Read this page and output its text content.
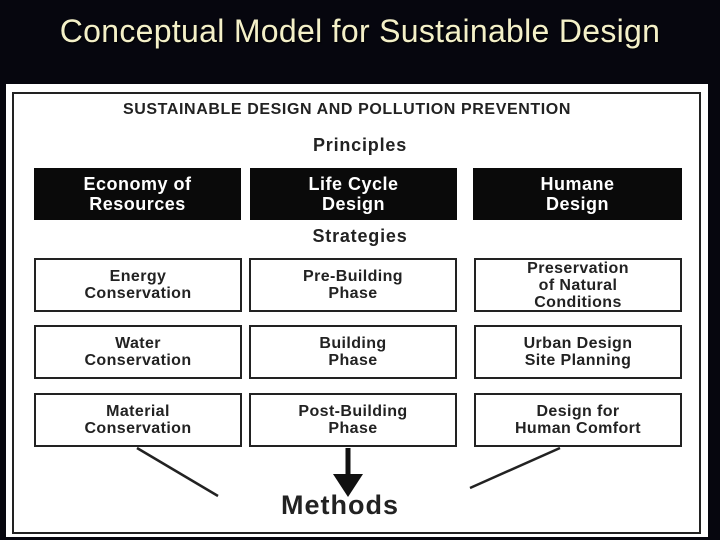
Conceptual Model for Sustainable Design
SUSTAINABLE DESIGN AND POLLUTION PREVENTION
Principles
Economy of
Resources
Life Cycle
Design
Humane
Design
Strategies
Energy
Conservation
Pre-Building
Phase
Preservation
of Natural
Conditions
Water
Conservation
Building
Phase
Urban Design
Site Planning
Material
Conservation
Post-Building
Phase
Design for
Human Comfort
Methods
